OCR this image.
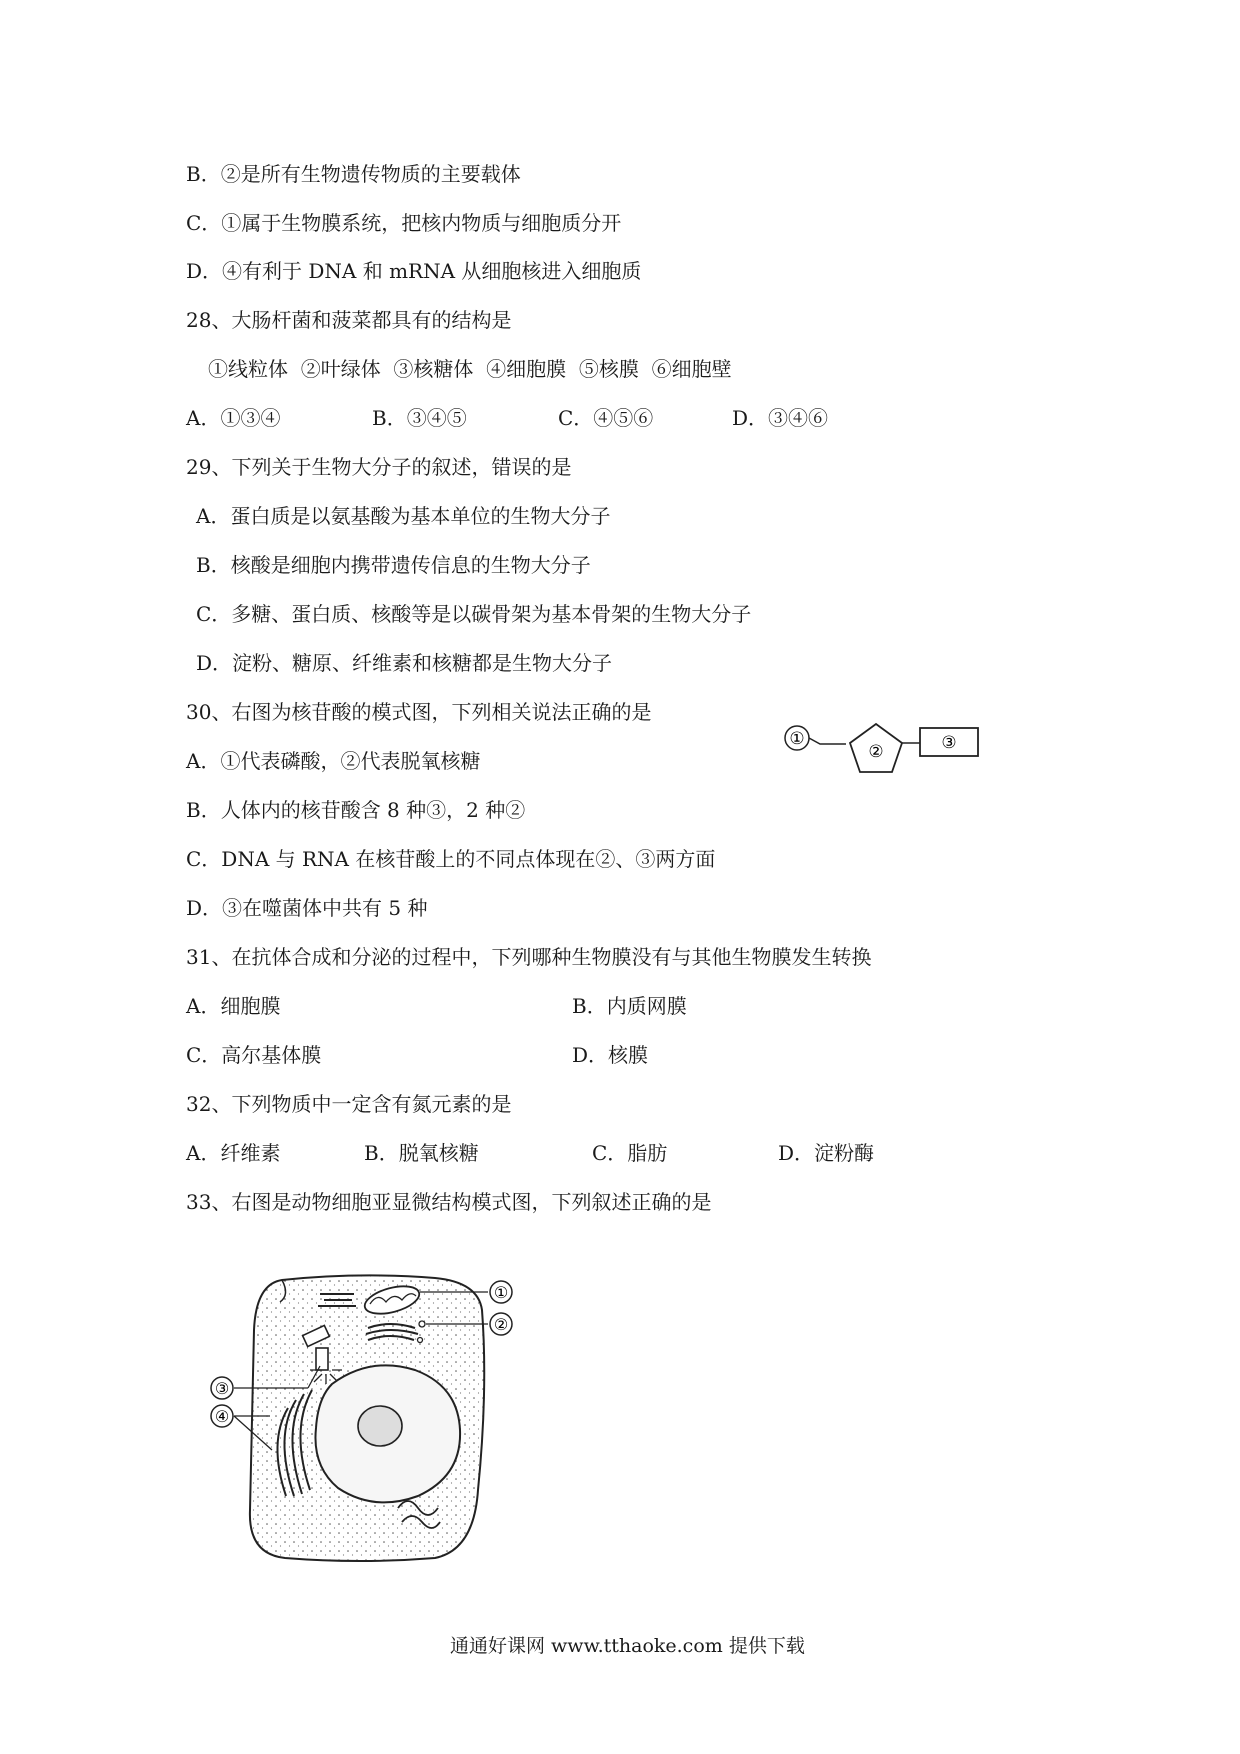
B．②是所有生物遗传物质的主要载体
C．①属于生物膜系统，把核内物质与细胞质分开
D．④有利于 DNA 和 mRNA 从细胞核进入细胞质
28、大肠杆菌和菠菜都具有的结构是
①线粒体  ②叶绿体  ③核糖体  ④细胞膜  ⑤核膜  ⑥细胞壁
A．①③④	B．③④⑤	C．④⑤⑥	D．③④⑥
29、下列关于生物大分子的叙述，错误的是
A．蛋白质是以氨基酸为基本单位的生物大分子
B．核酸是细胞内携带遗传信息的生物大分子
C．多糖、蛋白质、核酸等是以碳骨架为基本骨架的生物大分子
D．淀粉、糖原、纤维素和核糖都是生物大分子
30、右图为核苷酸的模式图，下列相关说法正确的是
A．①代表磷酸，②代表脱氧核糖
B．人体内的核苷酸含 8 种③，2 种②
C．DNA 与 RNA 在核苷酸上的不同点体现在②、③两方面
D．③在噬菌体中共有 5 种
①
②	③
31、在抗体合成和分泌的过程中，下列哪种生物膜没有与其他生物膜发生转换
A．细胞膜	B．内质网膜
C．高尔基体膜	D．核膜
32、下列物质中一定含有氮元素的是
A．纤维素	B．脱氧核糖	C．脂肪	D．淀粉酶
33、右图是动物细胞亚显微结构模式图，下列叙述正确的是
①
②
③
④
通通好课网 www.tthaoke.com 提供下载
